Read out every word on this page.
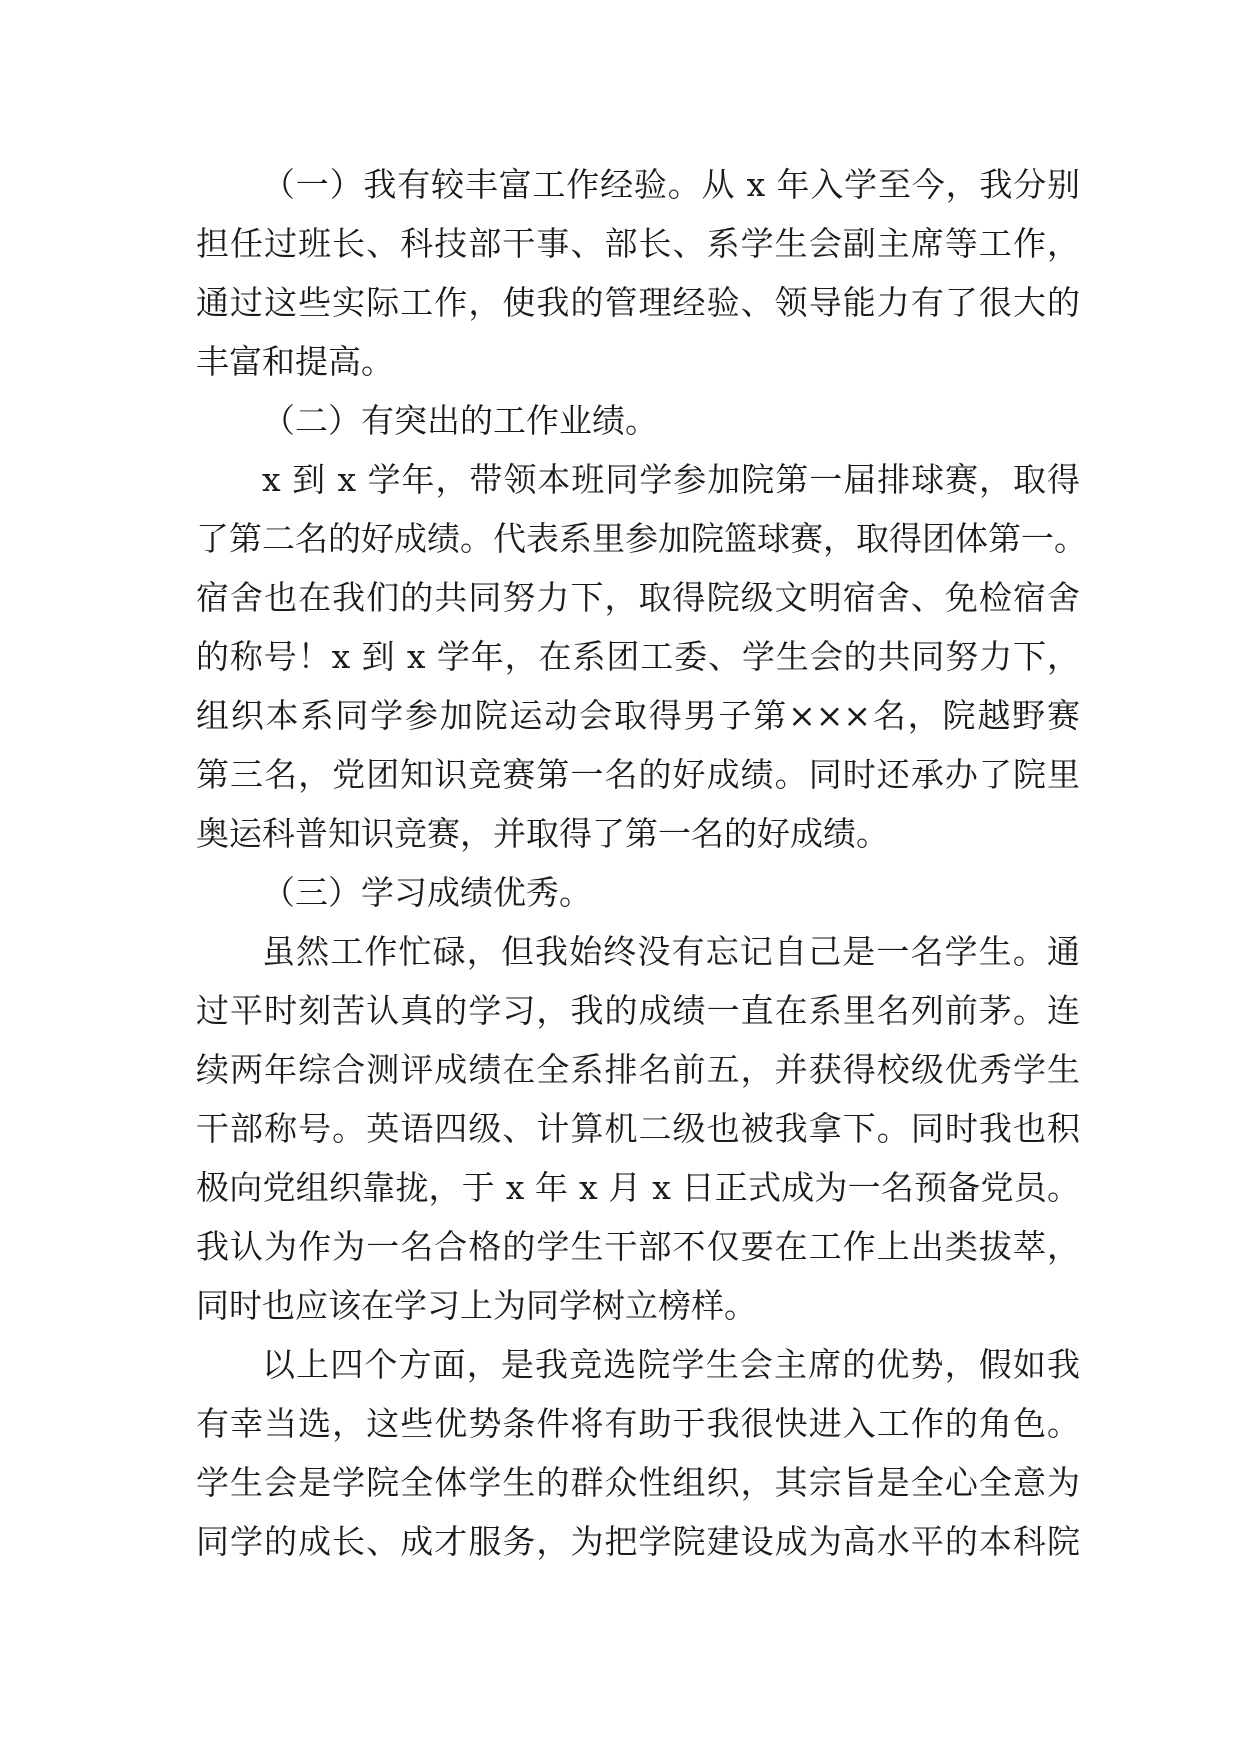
（一）我有较丰富工作经验。从 x 年入学至今，我分别
担任过班长、科技部干事、部长、系学生会副主席等工作，
通过这些实际工作，使我的管理经验、领导能力有了很大的
丰富和提高。
（二）有突出的工作业绩。
x 到 x 学年，带领本班同学参加院第一届排球赛，取得
了第二名的好成绩。代表系里参加院篮球赛，取得团体第一。
宿舍也在我们的共同努力下，取得院级文明宿舍、免检宿舍
的称号！x 到 x 学年，在系团工委、学生会的共同努力下，
组织本系同学参加院运动会取得男子第×××名，院越野赛
第三名，党团知识竞赛第一名的好成绩。同时还承办了院里
奥运科普知识竞赛，并取得了第一名的好成绩。
（三）学习成绩优秀。
虽然工作忙碌，但我始终没有忘记自己是一名学生。通
过平时刻苦认真的学习，我的成绩一直在系里名列前茅。连
续两年综合测评成绩在全系排名前五，并获得校级优秀学生
干部称号。英语四级、计算机二级也被我拿下。同时我也积
极向党组织靠拢，于 x 年 x 月 x 日正式成为一名预备党员。
我认为作为一名合格的学生干部不仅要在工作上出类拔萃，
同时也应该在学习上为同学树立榜样。
以上四个方面，是我竞选院学生会主席的优势，假如我
有幸当选，这些优势条件将有助于我很快进入工作的角色。
学生会是学院全体学生的群众性组织，其宗旨是全心全意为
同学的成长、成才服务，为把学院建设成为高水平的本科院
